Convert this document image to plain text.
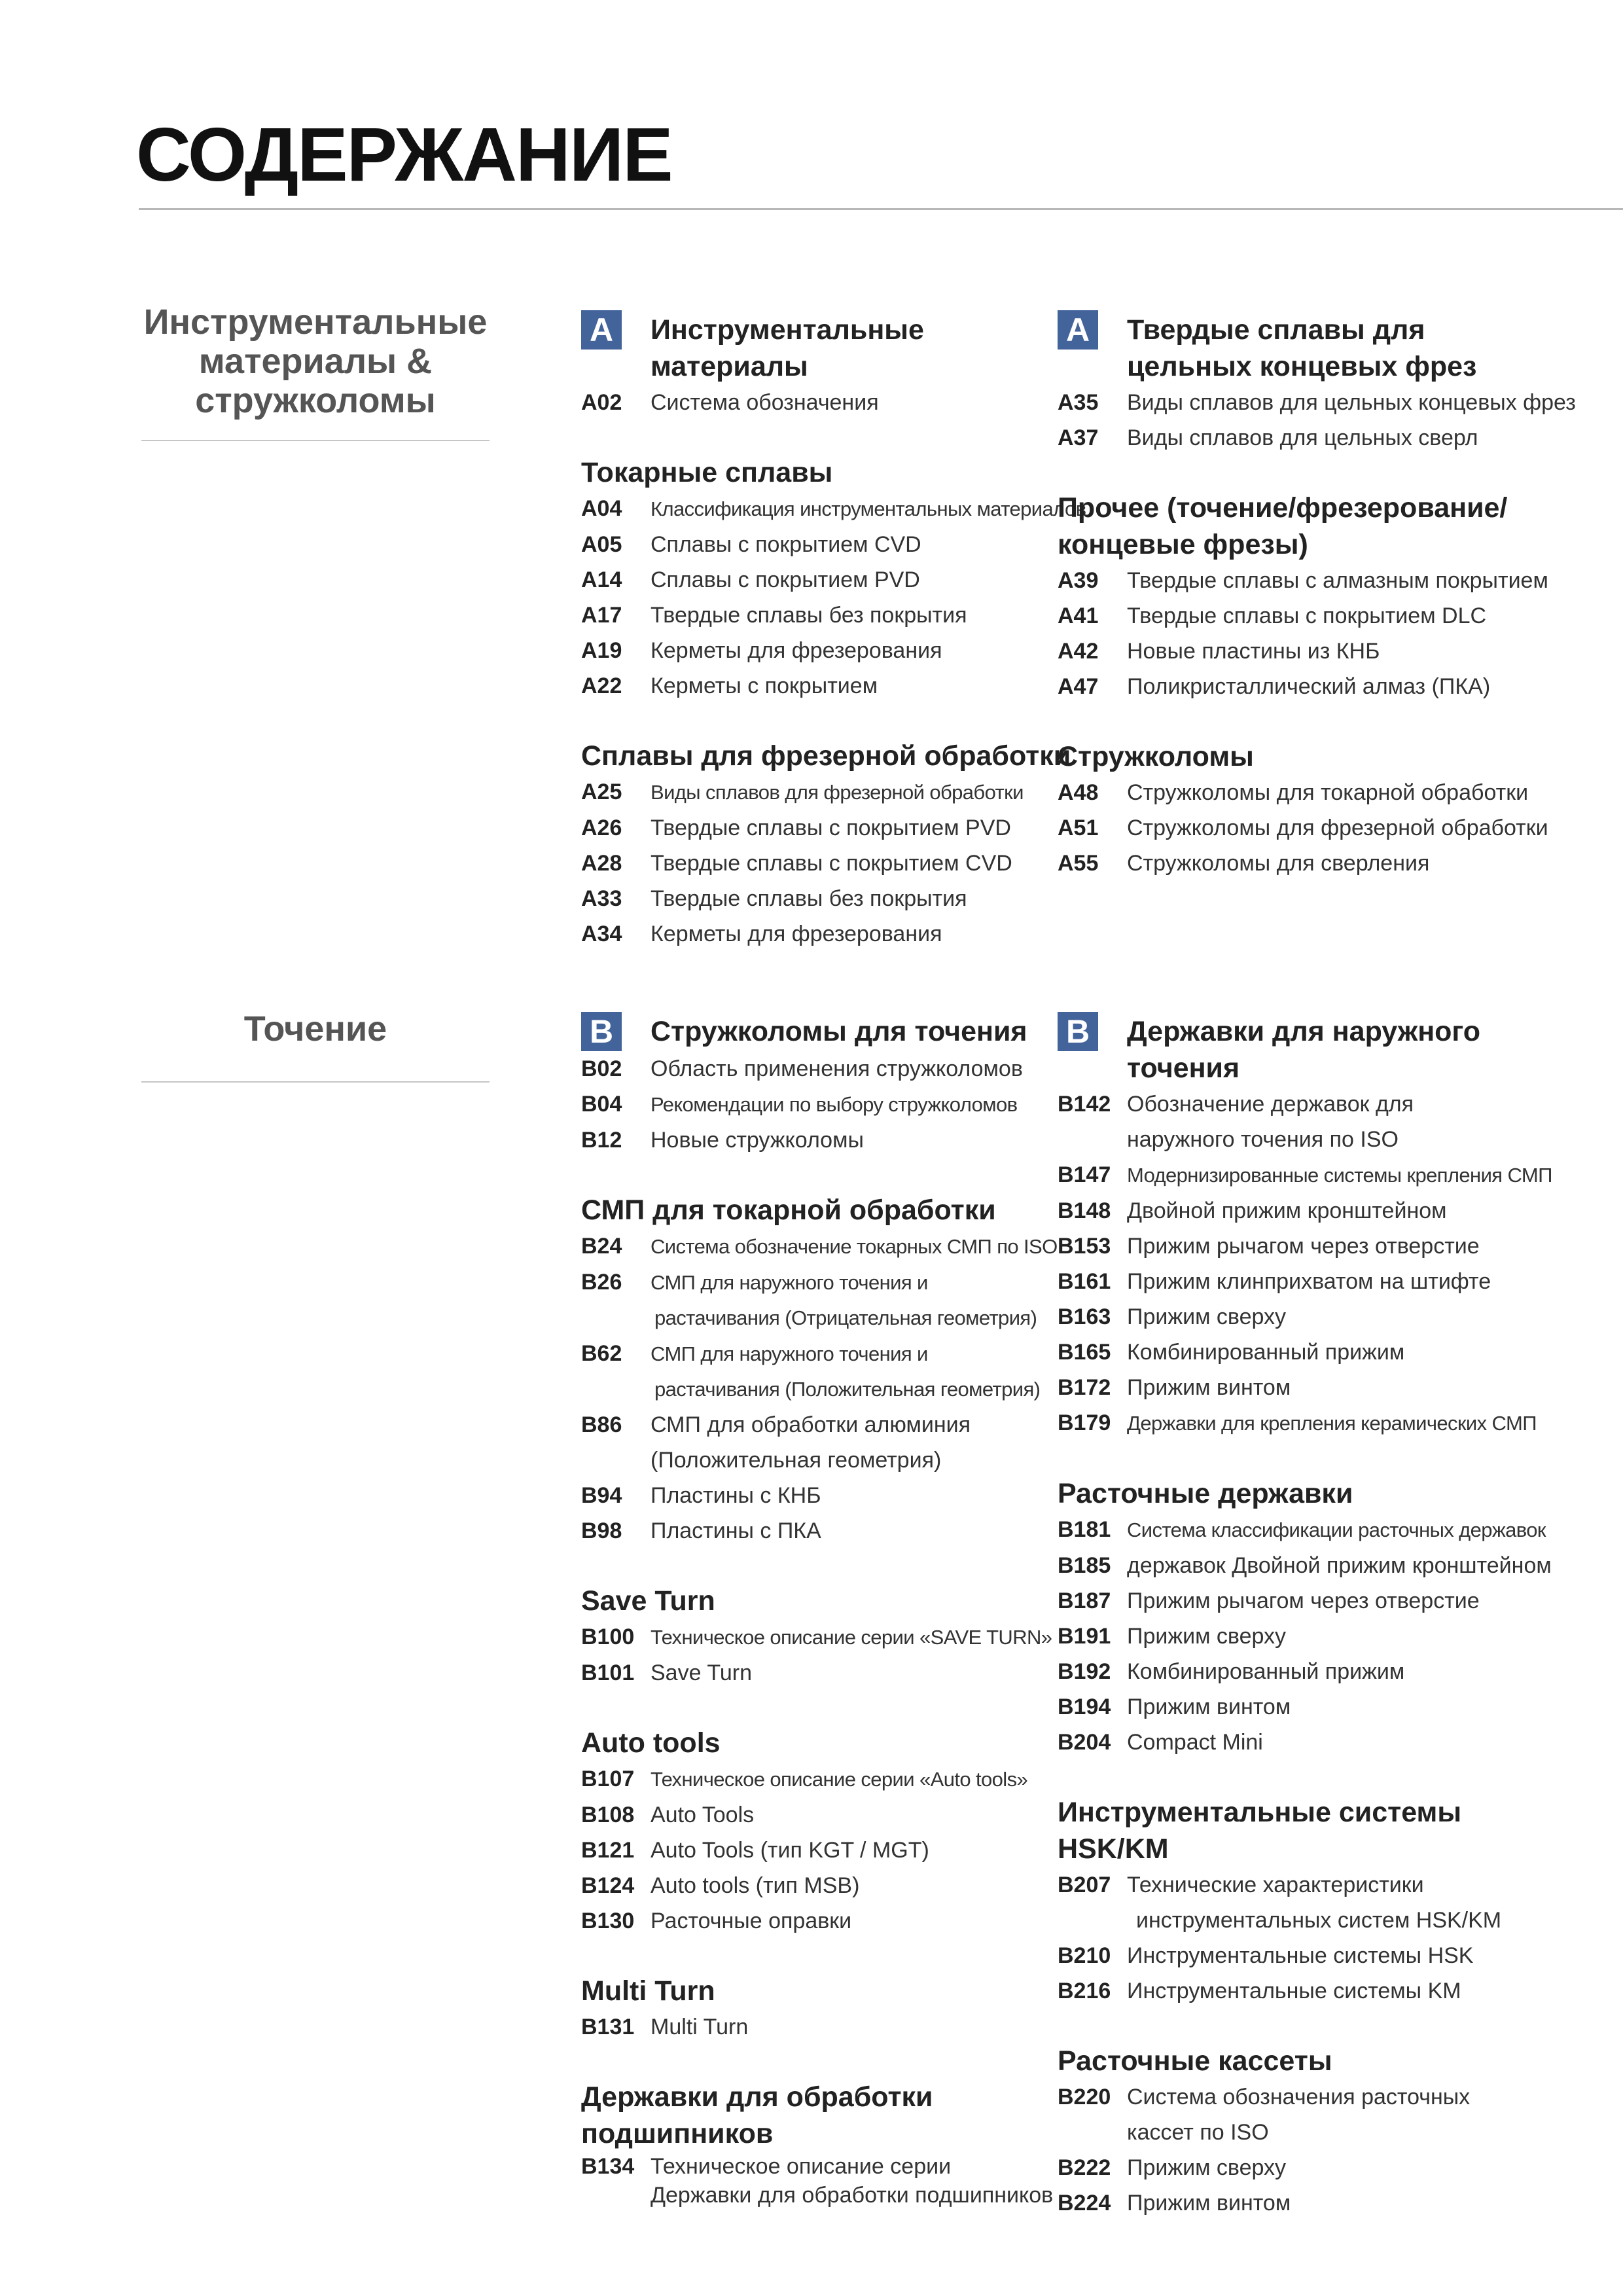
СОДЕРЖАНИЕ
Инструментальные
материалы &
стружколомы
A	Инструментальные материалы
A02	Система обозначения
Токарные сплавы
A04	Классификация инструментальных материалов
A05	Сплавы с покрытием CVD
A14	Сплавы с покрытием PVD
A17	Твердые сплавы без покрытия
A19	Керметы для фрезерования
A22	Керметы с покрытием
Сплавы для фрезерной обработки
A25	Виды сплавов для фрезерной обработки
A26	Твердые сплавы с покрытием PVD
A28	Твердые сплавы с покрытием CVD
A33	Твердые сплавы без покрытия
A34	Керметы для фрезерования
A	Твердые сплавы для
цельных концевых фрез
A35	Виды сплавов для цельных концевых фрез
A37	Виды сплавов для цельных сверл
Прочее (точение/фрезерование/
концевые фрезы)
A39	Твердые сплавы с алмазным покрытием
A41	Твердые сплавы с покрытием DLC
A42	Новые пластины из КНБ
A47	Поликристаллический алмаз (ПКА)
Стружколомы
A48	Стружколомы для токарной обработки
A51	Стружколомы для фрезерной обработки
A55	Стружколомы для сверления
Точение	B	Стружколомы для точения
B02	Область применения стружколомов
B04	Рекомендации по выбору стружколомов
B12	Новые стружколомы
СМП для токарной обработки
B24	Система обозначение токарных СМП по ISO
B26	СМП для наружного точения и
растачивания (Отрицательная геометрия)
B62	СМП для наружного точения и
растачивания (Положительная геометрия)
B86	СМП для обработки алюминия
(Положительная геометрия)
B94	Пластины с КНБ
B98	Пластины с ПКА
Save Turn
B100 Техническое описание серии «SAVE TURN»
B101 Save Turn
Auto tools
B107 Техническое описание серии «Auto tools»
B108 Auto Tools
B121 Auto Tools (тип KGT / MGT)
B124 Auto tools (тип MSB)
B130 Расточные оправки
Multi Turn
B131 Multi Turn
Державки для обработки подшипников
B134 Техническое описание серии
Державки для обработки подшипников
B	Державки для наружного точения
B142 Обозначение державок для
наружного точения по ISO
B147 Модернизированные системы крепления СМП
B148 Двойной прижим кронштейном
B153 Прижим рычагом через отверстие
B161 Прижим клинприхватом на штифте
B163 Прижим сверху
B165 Комбинированный прижим
B172 Прижим винтом
B179 Державки для крепления керамических СМП
Расточные державки
B181 Система классификации расточных державок
B185 державок Двойной прижим кронштейном
B187 Прижим рычагом через отверстие
B191 Прижим сверху
B192 Комбинированный прижим
B194 Прижим винтом
B204 Compact Mini
Инструментальные системы HSK/KM
B207 Технические характеристики
инструментальных систем HSK/KM
B210 Инструментальные системы HSK
B216 Инструментальные системы KM
Расточные кассеты
B220 Система обозначения расточных
кассет по ISO
B222 Прижим сверху
B224 Прижим винтом
